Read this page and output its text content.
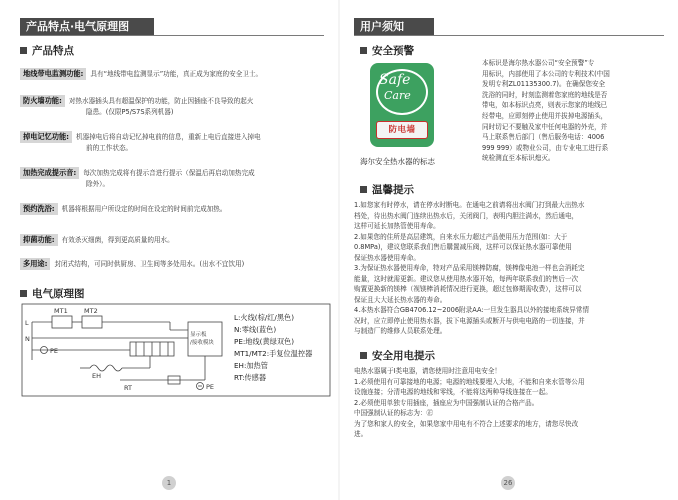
产品特点·电气原理图
产品特点
地线带电监测功能: 具有“地线带电监测显示”功能，真正成为家庭的安全卫士。
防火墙功能: 对热水器插头具有超温保护的功能，防止因插座不良导致的起火
隐患。(仅限P5/S7S系列机器)
掉电记忆功能: 机器掉电后将自动记忆掉电前的信息，重新上电后直接进入掉电
前的工作状态。
加热完成提示音: 每次加热完成将有提示音进行提示（保温后再启动加热完成
除外）。
预约洗浴: 机器将根据用户所设定的时间在设定的时间前完成加热。
抑菌功能: 有效杀灭细菌，得到更高质量的用水。
多用途: 封闭式结构，可同时供厨房、卫生间等多处用水。(出水不宜饮用)
电气原理图
MT1	MT2
L
N
PE
EH
RT	PE
显示板
/接收模块
L:火线(棕/红/黑色)
N:零线(蓝色)
PE:地线(黄绿双色)
MT1/MT2:手复位温控器
EH:加热管
RT:传感器
1
用户须知
安全预警
Safe
Care
防电墙
海尔安全热水器的标志
本标识是海尔热水器公司“安全预警”专
用标识，内部使用了本公司的专利技术(中国
发明专利ZL01135300.7)。在确保您安全
洗浴的同时，时刻监测着您家庭的地线是否
带电，如本标识点亮，则表示您家的地线已
经带电，应即刻停止使用并拔掉电源插头，
同时切记不要触及家中任何电器的外壳，并
马上联系售后部门（售后服务电话：4006
999 999）或物业公司，由专业电工进行系
统检测直至本标识熄灭。
温馨提示
1.如您家有时停水，请在停水时断电。在通电之前请将出水阀门打到最大出热水
档处，待出热水阀门连续出热水后，关闭阀门，表明内胆注满水，然后通电，
这样可延长加热管使用寿命。
2.如果您的住所是高层建筑，自来水压力超过产品使用压力范围(如：大于
0.8MPa)，建议您联系我们售后購置减压阀，这样可以保证热水器可靠使用
保证热水器使用寿命。
3.为保证热水器使用寿命，特对产品采用镁棒防腐，镁棒像电池一样也会消耗完
能量，这时就需更新。建议您从使用热水器开始，每两年联系我们的售后一次
购置更换新的镁棒（视镁棒消耗情况进行更换，超过包修期需收费），这样可以
保证且大大延长热水器的寿命。
4.本热水器符合GB4706.12~2006附录AA:一旦发生器具以外的接地系统异常情
况时，应立即停止使用热水器，拔下电源插头或断开与供电电路的一切连接，并
与制造厂的维修人员联系处理。
安全用电提示
电热水器属于Ⅰ类电器，请您使用时注意用电安全！
1.必须使用有可靠接地的电源；电源的地线要埋入大地，不能和自来水管等公用
设施连接；分清电源的地线和零线，不能将这两种导线连接在一起。
2.必须使用单独专用插座，插座应为中国强制认证的合格产品。
中国强制认证的标志为：㊣
为了您和家人的安全，如果您家中用电有不符合上述要求的地方，请您尽快改
进。
26
